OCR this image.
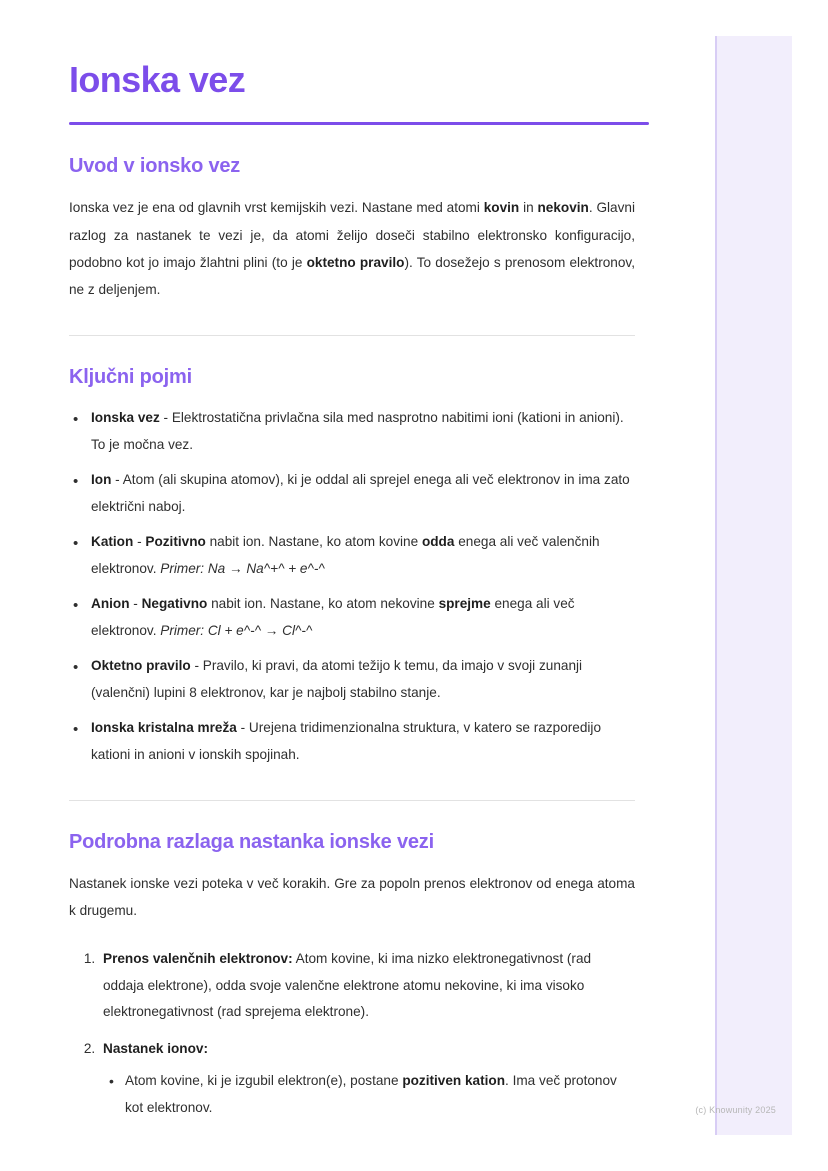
Ionska vez
Uvod v ionsko vez

Ionska vez je ena od glavnih vrst kemijskih vezi. Nastane med atomi kovin in nekovin. Glavni razlog za nastanek te vezi je, da atomi želijo doseči stabilno elektronsko konfiguracijo, podobno kot jo imajo žlahtni plini (to je oktetno pravilo). To dosežejo s prenosom elektronov, ne z deljenjem.

Ključni pojmi
• Ionska vez - Elektrostatična privlačna sila med nasprotno nabitimi ioni (kationi in anioni). To je močna vez.
• Ion - Atom (ali skupina atomov), ki je oddal ali sprejel enega ali več elektronov in ima zato električni naboj.
• Kation - Pozitivno nabit ion. Nastane, ko atom kovine odda enega ali več valenčnih elektronov. Primer: Na → Na^+^ + e^-^
• Anion - Negativno nabit ion. Nastane, ko atom nekovine sprejme enega ali več elektronov. Primer: Cl + e^-^ → Cl^-^
• Oktetno pravilo - Pravilo, ki pravi, da atomi težijo k temu, da imajo v svoji zunanji (valenčni) lupini 8 elektronov, kar je najbolj stabilno stanje.
• Ionska kristalna mreža - Urejena tridimenzionalna struktura, v katero se razporedijo kationi in anioni v ionskih spojinah.
Podrobna razlaga nastanka ionske vezi

Nastanek ionske vezi poteka v več korakih. Gre za popoln prenos elektronov od enega atoma k drugemu.

1. Prenos valenčnih elektronov: Atom kovine, ki ima nizko elektronegativnost (rad oddaja elektrone), odda svoje valenčne elektrone atomu nekovine, ki ima visoko elektronegativnost (rad sprejema elektrone).
2. Nastanek ionov:
• Atom kovine, ki je izgubil elektron(e), postane pozitiven kation. Ima več protonov kot elektronov.	(c) Knowunity 2025
